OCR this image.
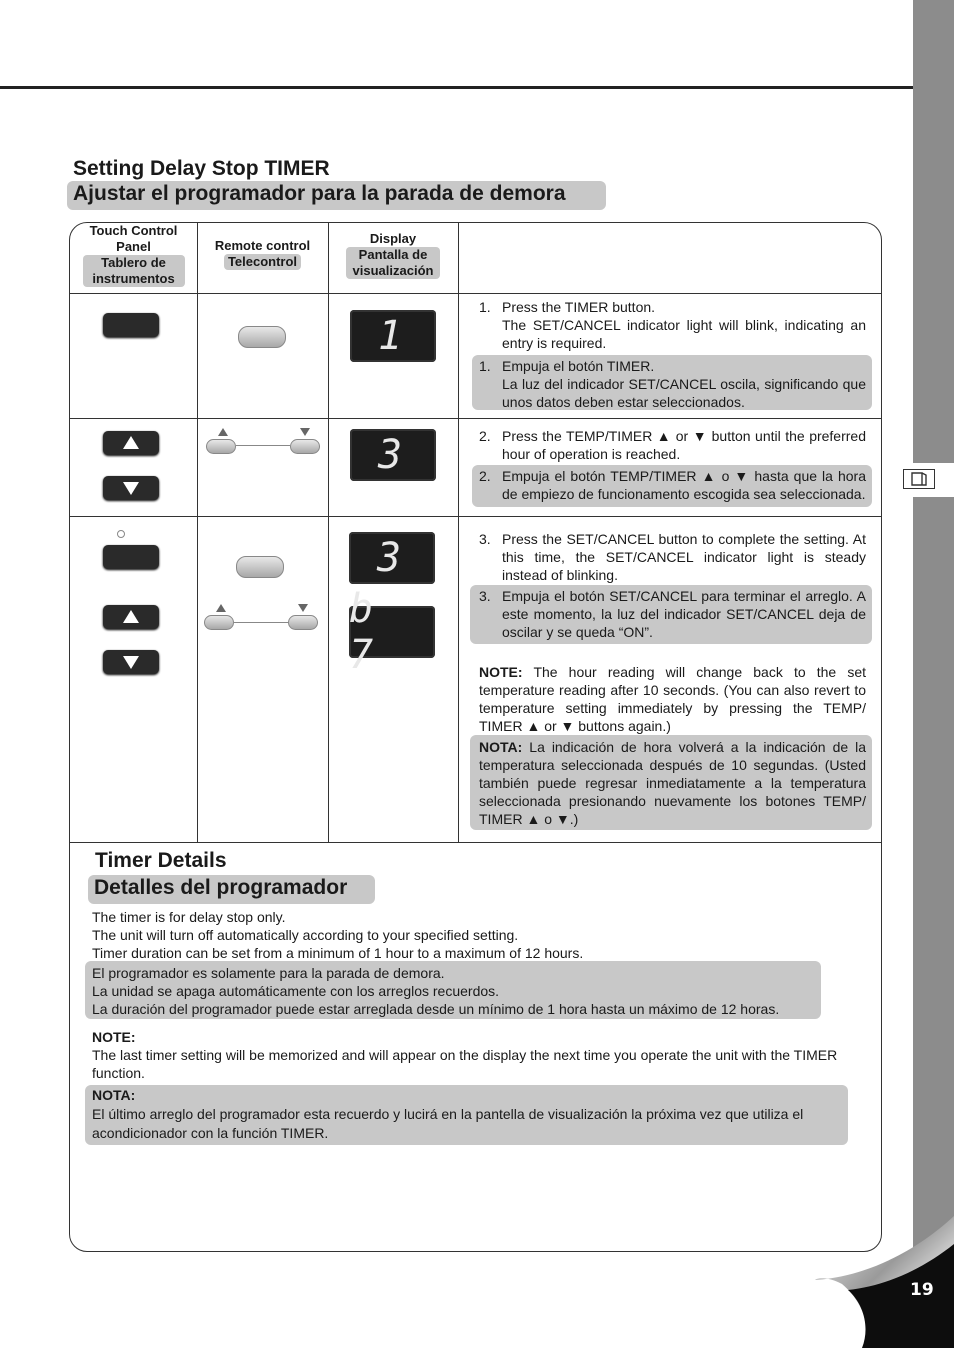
Setting Delay Stop TIMER
Ajustar el programador para la parada de demora
Touch Control Panel
Tablero de instrumentos
Remote control
Telecontrol
Display
Pantalla de visualización
1
1. Press the TIMER button.
The SET/CANCEL indicator light will blink, indicating an entry is required.
1. Empuja el botón TIMER.
La luz del indicador SET/CANCEL oscila, significando que unos datos deben estar seleccionados.
3	2. Press the TEMP/TIMER ▲ or ▼ button until the preferred hour of operation is reached.
2. Empuja el botón TEMP/TIMER ▲ o ▼ hasta que la hora de empiezo de funcionamento escogida sea seleccionada.
3
b 7
3. Press the SET/CANCEL button to complete the setting. At this time, the SET/CANCEL indicator light is steady instead of blinking.
3. Empuja el botón SET/CANCEL para terminar el arreglo. A este momento, la luz del indicador SET/CANCEL deja de oscilar y se queda “ON”.
NOTE: The hour reading will change back to the set temperature reading after 10 seconds. (You can also revert to temperature setting immediately by pressing the TEMP/ TIMER ▲ or ▼ buttons again.)
NOTA: La indicación de hora volverá a la indicación de la temperatura seleccionada después de 10 segundas. (Usted también puede regresar inmediatamente a la temperatura seleccionada presionando nuevamente los botones TEMP/ TIMER ▲ o ▼.)
Timer Details
Detalles del programador
The timer is for delay stop only.
The unit will turn off automatically according to your specified setting.
Timer duration can be set from a minimum of 1 hour to a maximum of 12 hours.
El programador es solamente para la parada de demora.
La unidad se apaga automáticamente con los arreglos recuerdos.
La duración del programador puede estar arreglada desde un mínimo de 1 hora hasta un máximo de 12 horas.
NOTE:
The last timer setting will be memorized and will appear on the display the next time you operate the unit with the TIMER function.
NOTA:
El último arreglo del programador esta recuerdo y lucirá en la pantella de visualización la próxima vez que utiliza el acondicionador con la función TIMER.
19
